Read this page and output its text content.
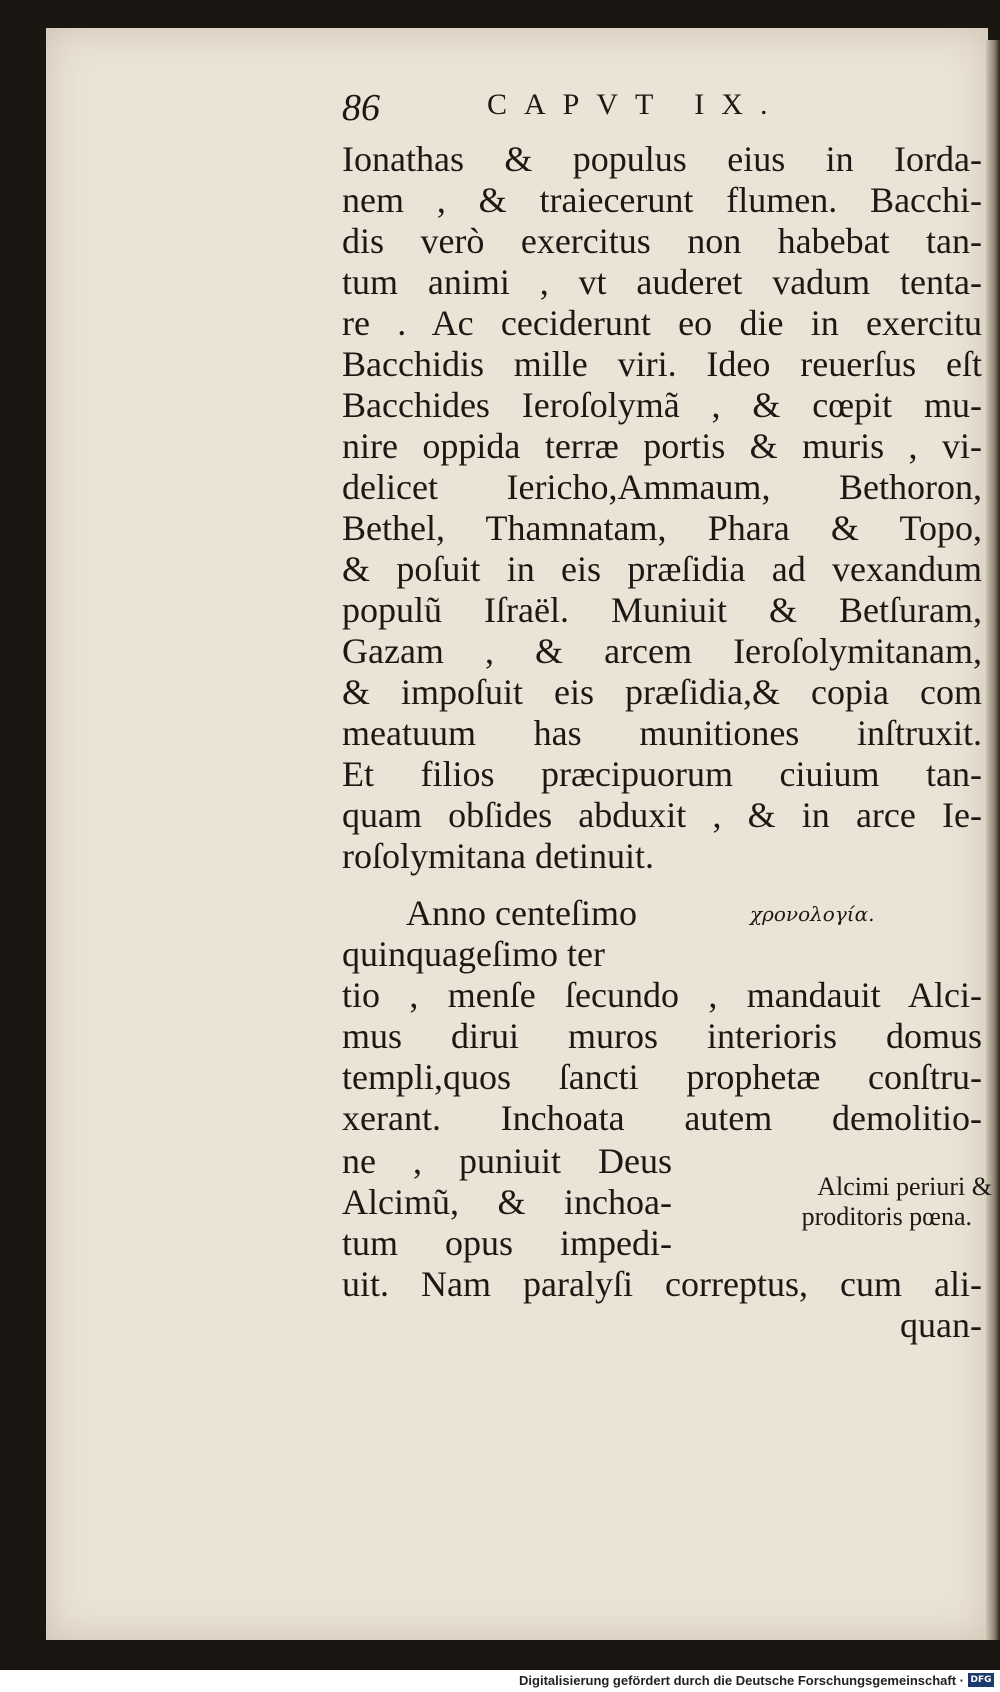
86	CAPVT IX.
Ionathas & populus eius in Iorda-
nem , & traiecerunt flumen. Bacchi-
dis verò exercitus non habebat tan-
tum animi , vt auderet vadum tenta-
re . Ac ceciderunt eo die in exercitu
Bacchidis mille viri. Ideo reuerſus eſt
Bacchides Ieroſolymã , & cœpit mu-
nire oppida terræ portis & muris , vi-
delicet Iericho,Ammaum, Bethoron,
Bethel, Thamnatam, Phara & Topo,
& poſuit in eis præſidia ad vexandum
populũ Iſraël. Muniuit & Betſuram,
Gazam , & arcem Ieroſolymitanam,
& impoſuit eis præſidia,& copia com
meatuum has munitiones inſtruxit.
Et filios præcipuorum ciuium tan-
quam obſides abduxit , & in arce Ie-
roſolymitana detinuit.
Anno centeſimo
quinquageſimo ter
tio , menſe ſecundo , mandauit Alci-
mus dirui muros interioris domus
templi,quos ſancti prophetæ conſtru-
xerant. Inchoata autem demolitio-
ne , puniuit Deus
Alcimũ, & inchoa-
tum opus impedi-
uit. Nam paralyſi correptus, cum ali-
quan-
χρονολογία.
Alcimi periuri &
proditoris pœna.
Digitalisierung gefördert durch die Deutsche Forschungsgemeinschaft · DFG
